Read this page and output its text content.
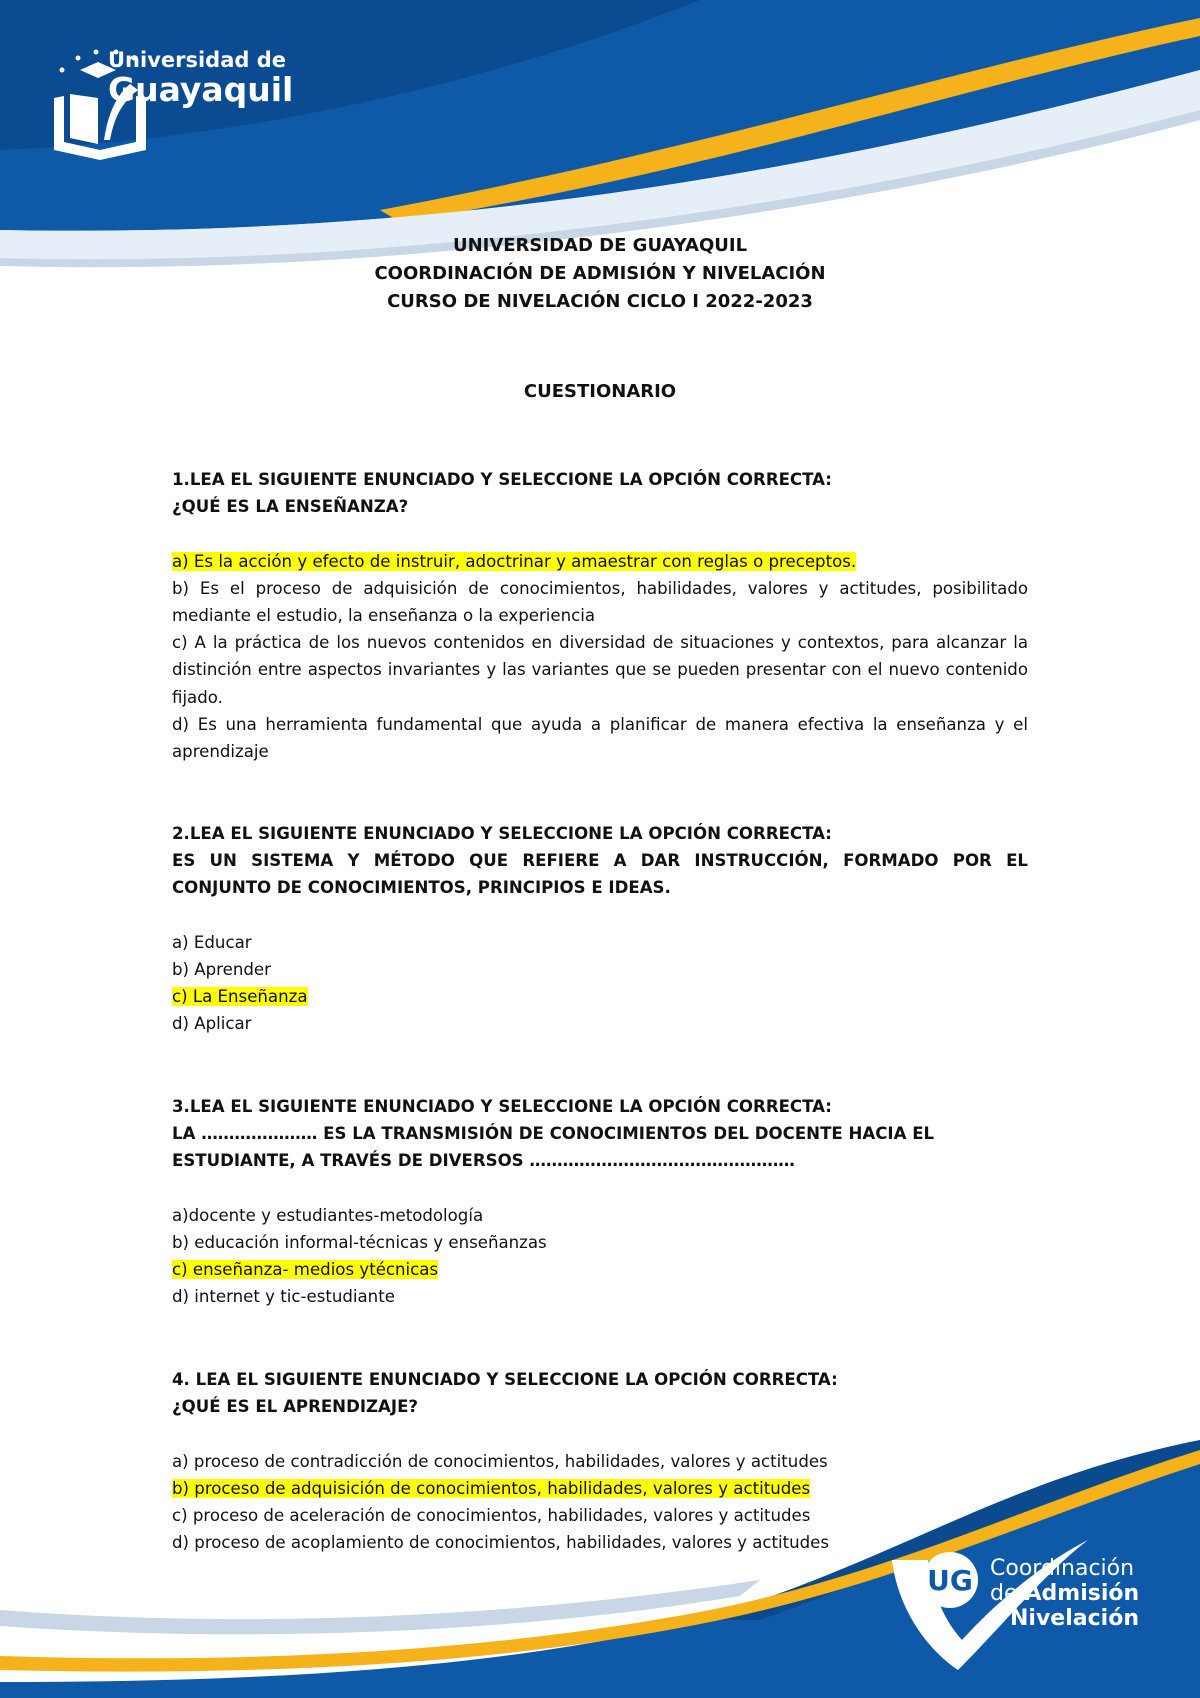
Universidad de
Guayaquil
UNIVERSIDAD DE GUAYAQUIL
COORDINACIÓN DE ADMISIÓN Y NIVELACIÓN
CURSO DE NIVELACIÓN CICLO I 2022-2023
CUESTIONARIO

1.LEA EL SIGUIENTE ENUNCIADO Y SELECCIONE LA OPCIÓN CORRECTA:

¿QUÉ ES LA ENSEÑANZA?

a) Es la acción y efecto de instruir, adoctrinar y amaestrar con reglas o preceptos.

b) Es el proceso de adquisición de conocimientos, habilidades, valores y actitudes, posibilitado mediante el estudio, la enseñanza o la experiencia

c) A la práctica de los nuevos contenidos en diversidad de situaciones y contextos, para alcanzar la distinción entre aspectos invariantes y las variantes que se pueden presentar con el nuevo contenido fijado.

d) Es una herramienta fundamental que ayuda a planificar de manera efectiva la enseñanza y el aprendizaje

2.LEA EL SIGUIENTE ENUNCIADO Y SELECCIONE LA OPCIÓN CORRECTA:

ES UN SISTEMA Y MÉTODO QUE REFIERE A DAR INSTRUCCIÓN, FORMADO POR EL CONJUNTO DE CONOCIMIENTOS, PRINCIPIOS E IDEAS.

a) Educar

b) Aprender

c) La Enseñanza

d) Aplicar

3.LEA EL SIGUIENTE ENUNCIADO Y SELECCIONE LA OPCIÓN CORRECTA:

LA ………………… ES LA TRANSMISIÓN DE CONOCIMIENTOS DEL DOCENTE HACIA EL

ESTUDIANTE, A TRAVÉS DE DIVERSOS …………………………………………

a)docente y estudiantes-metodología

b) educación informal-técnicas y enseñanzas

c) enseñanza- medios ytécnicas

d) internet y tic-estudiante

4. LEA EL SIGUIENTE ENUNCIADO Y SELECCIONE LA OPCIÓN CORRECTA:

¿QUÉ ES EL APRENDIZAJE?

a) proceso de contradicción de conocimientos, habilidades, valores y actitudes

b) proceso de adquisición de conocimientos, habilidades, valores y actitudes

c) proceso de aceleración de conocimientos, habilidades, valores y actitudes

d) proceso de acoplamiento de conocimientos, habilidades, valores y actitudes

UG Coordinación
de Admisión
y Nivelación
